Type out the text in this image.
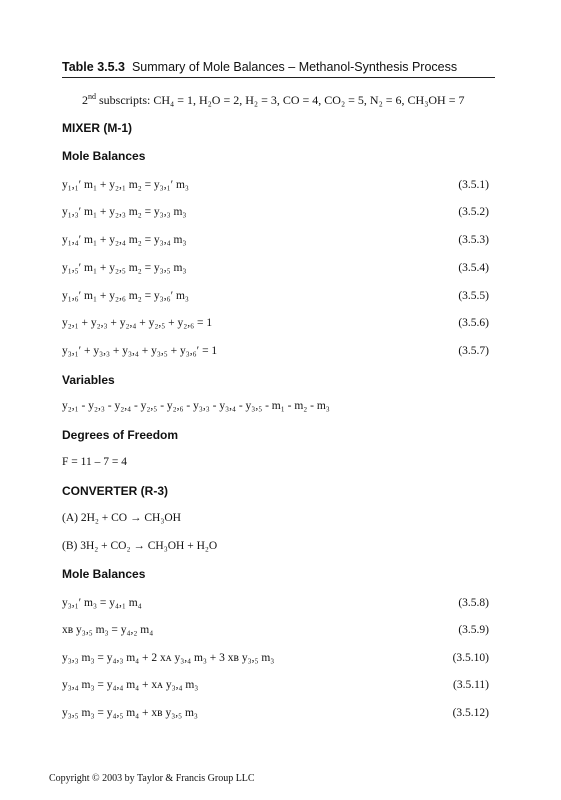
Table 3.5.3 Summary of Mole Balances – Methanol-Synthesis Process
2nd subscripts: CH₄ = 1, H₂O = 2, H₂ = 3, CO = 4, CO₂ = 5, N₂ = 6, CH₃OH = 7
MIXER (M-1)
Mole Balances
y₁,₁′ m₁ + y₂,₁ m₂ = y₃,₁′ m₃	(3.5.1)
y₁,₃′ m₁ + y₂,₃ m₂ = y₃,₃ m₃	(3.5.2)
y₁,₄′ m₁ + y₂,₄ m₂ = y₃,₄ m₃	(3.5.3)
y₁,₅′ m₁ + y₂,₅ m₂ = y₃,₅ m₃	(3.5.4)
y₁,₆′ m₁ + y₂,₆ m₂ = y₃,₆′ m₃	(3.5.5)
y₂,₁ + y₂,₃ + y₂,₄ + y₂,₅ + y₂,₆ = 1	(3.5.6)
y₃,₁′ + y₃,₃ + y₃,₄ + y₃,₅ + y₃,₆′ = 1	(3.5.7)
Variables
y₂,₁ - y₂,₃ - y₂,₄ - y₂,₅ - y₂,₆ - y₃,₃ - y₃,₄ - y₃,₅ - m₁ - m₂ - m₃
Degrees of Freedom
F = 11 – 7 = 4
CONVERTER (R-3)
(A) 2H₂ + CO → CH₃OH
(B) 3H₂ + CO₂ → CH₃OH + H₂O
Mole Balances
y₃,₁′ m₃ = y₄,₁ m₄	(3.5.8)
xʙ y₃,₅ m₃ = y₄,₂ m₄	(3.5.9)
y₃,₃ m₃ = y₄,₃ m₄ + 2 xᴀ y₃,₄ m₃ + 3 xʙ y₃,₅ m₃	(3.5.10)
y₃,₄ m₃ = y₄,₄ m₄ + xᴀ y₃,₄ m₃	(3.5.11)
y₃,₅ m₃ = y₄,₅ m₄ + xʙ y₃,₅ m₃	(3.5.12)
Copyright © 2003 by Taylor & Francis Group LLC
